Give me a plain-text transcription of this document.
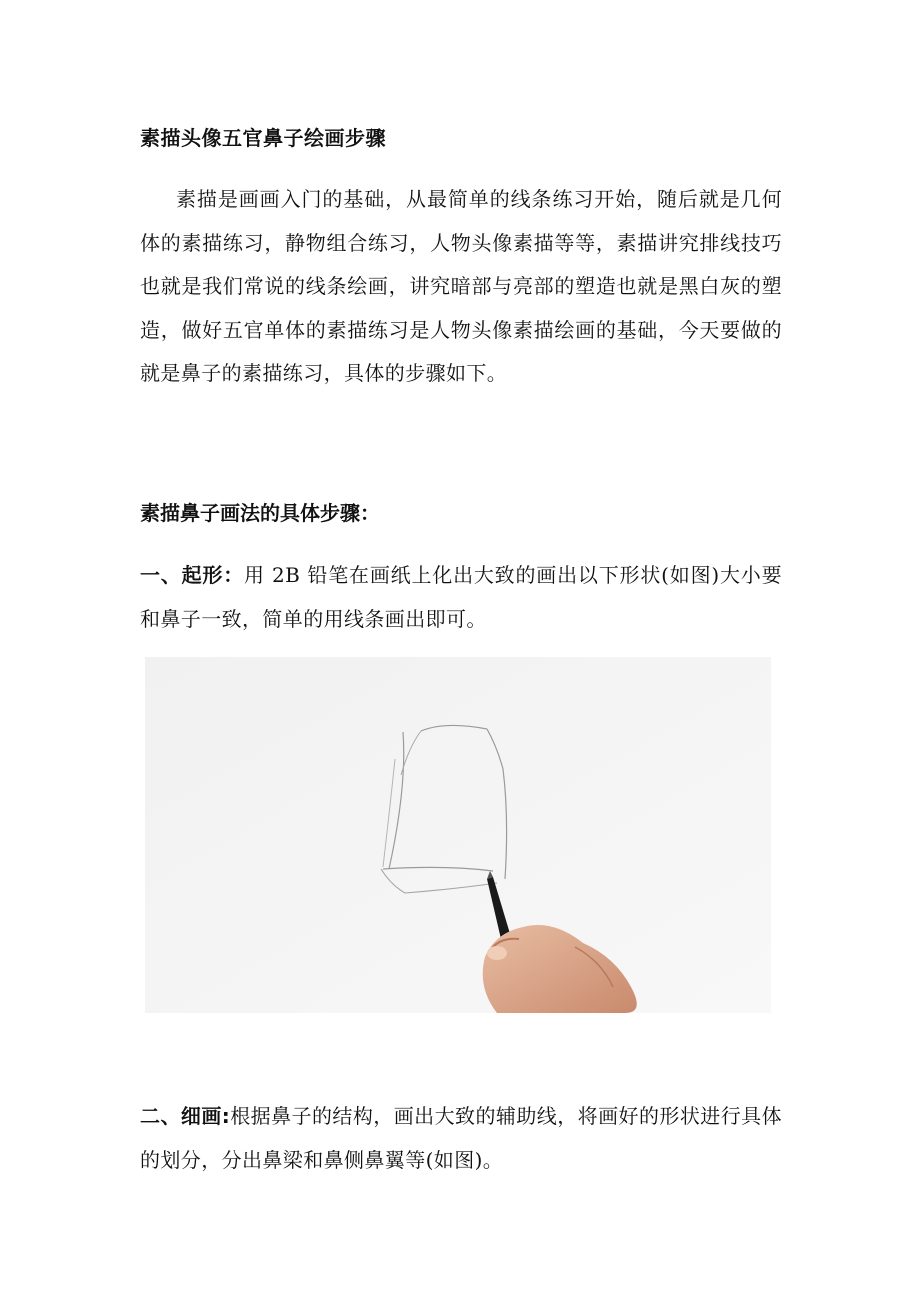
素描头像五官鼻子绘画步骤
素描是画画入门的基础，从最简单的线条练习开始，随后就是几何体的素描练习，静物组合练习，人物头像素描等等，素描讲究排线技巧也就是我们常说的线条绘画，讲究暗部与亮部的塑造也就是黑白灰的塑造，做好五官单体的素描练习是人物头像素描绘画的基础，今天要做的就是鼻子的素描练习，具体的步骤如下。
素描鼻子画法的具体步骤：
一、起形：用 2B 铅笔在画纸上化出大致的画出以下形状(如图)大小要和鼻子一致，简单的用线条画出即可。
二、细画:根据鼻子的结构，画出大致的辅助线，将画好的形状进行具体的划分，分出鼻梁和鼻侧鼻翼等(如图)。
